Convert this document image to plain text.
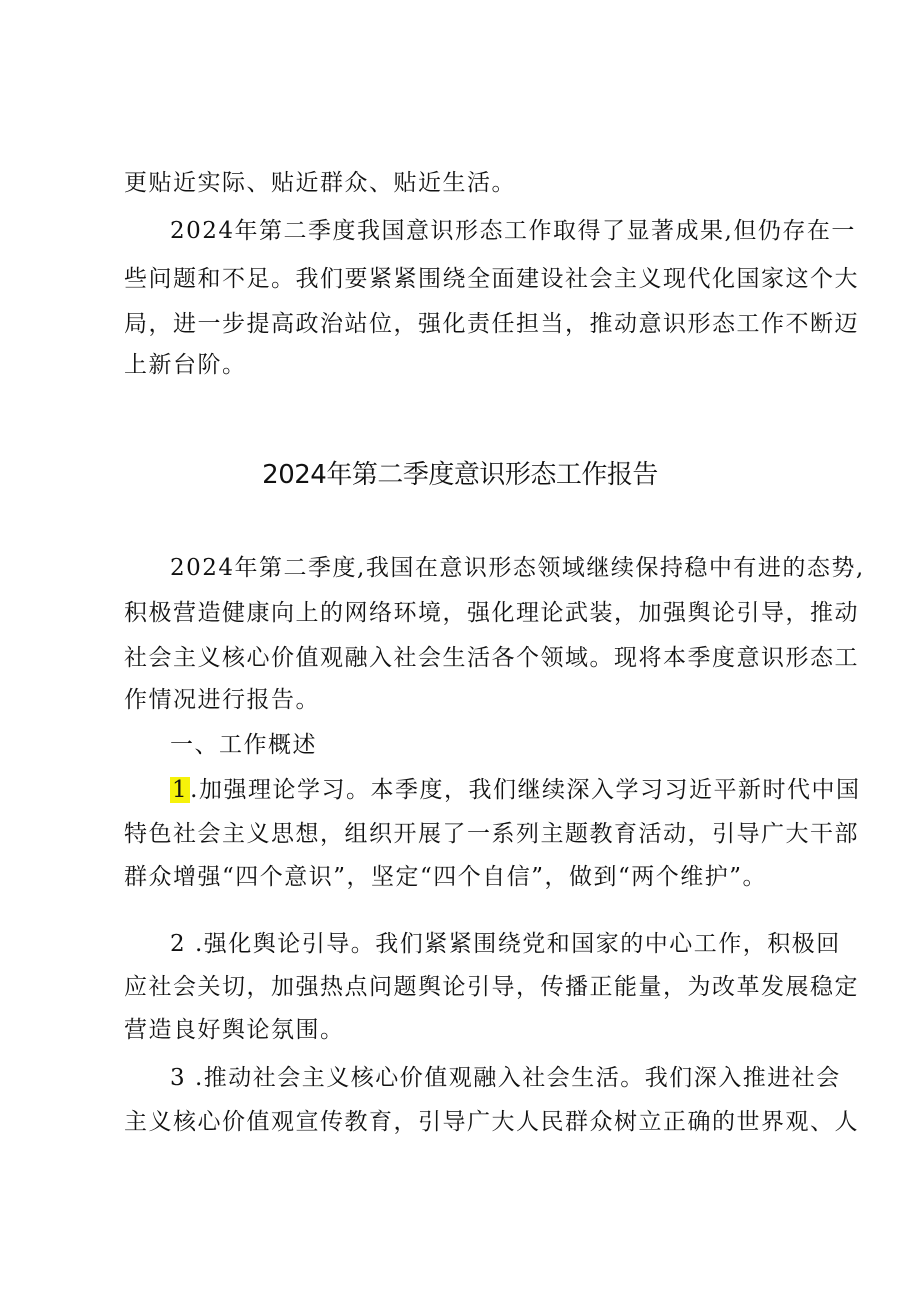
更贴近实际、贴近群众、贴近生活。
2024年第二季度我国意识形态工作取得了显著成果,但仍存在一
些问题和不足。我们要紧紧围绕全面建设社会主义现代化国家这个大
局，进一步提高政治站位，强化责任担当，推动意识形态工作不断迈
上新台阶。
2024年第二季度意识形态工作报告
2024年第二季度,我国在意识形态领域继续保持稳中有进的态势,
积极营造健康向上的网络环境，强化理论武装，加强舆论引导，推动
社会主义核心价值观融入社会生活各个领域。现将本季度意识形态工
作情况进行报告。
一、工作概述
1.加强理论学习。本季度，我们继续深入学习习近平新时代中国
特色社会主义思想，组织开展了一系列主题教育活动，引导广大干部
群众增强“四个意识”，坚定“四个自信”，做到“两个维护”。
2 .强化舆论引导。我们紧紧围绕党和国家的中心工作，积极回
应社会关切，加强热点问题舆论引导，传播正能量，为改革发展稳定
营造良好舆论氛围。
3 .推动社会主义核心价值观融入社会生活。我们深入推进社会
主义核心价值观宣传教育，引导广大人民群众树立正确的世界观、人
